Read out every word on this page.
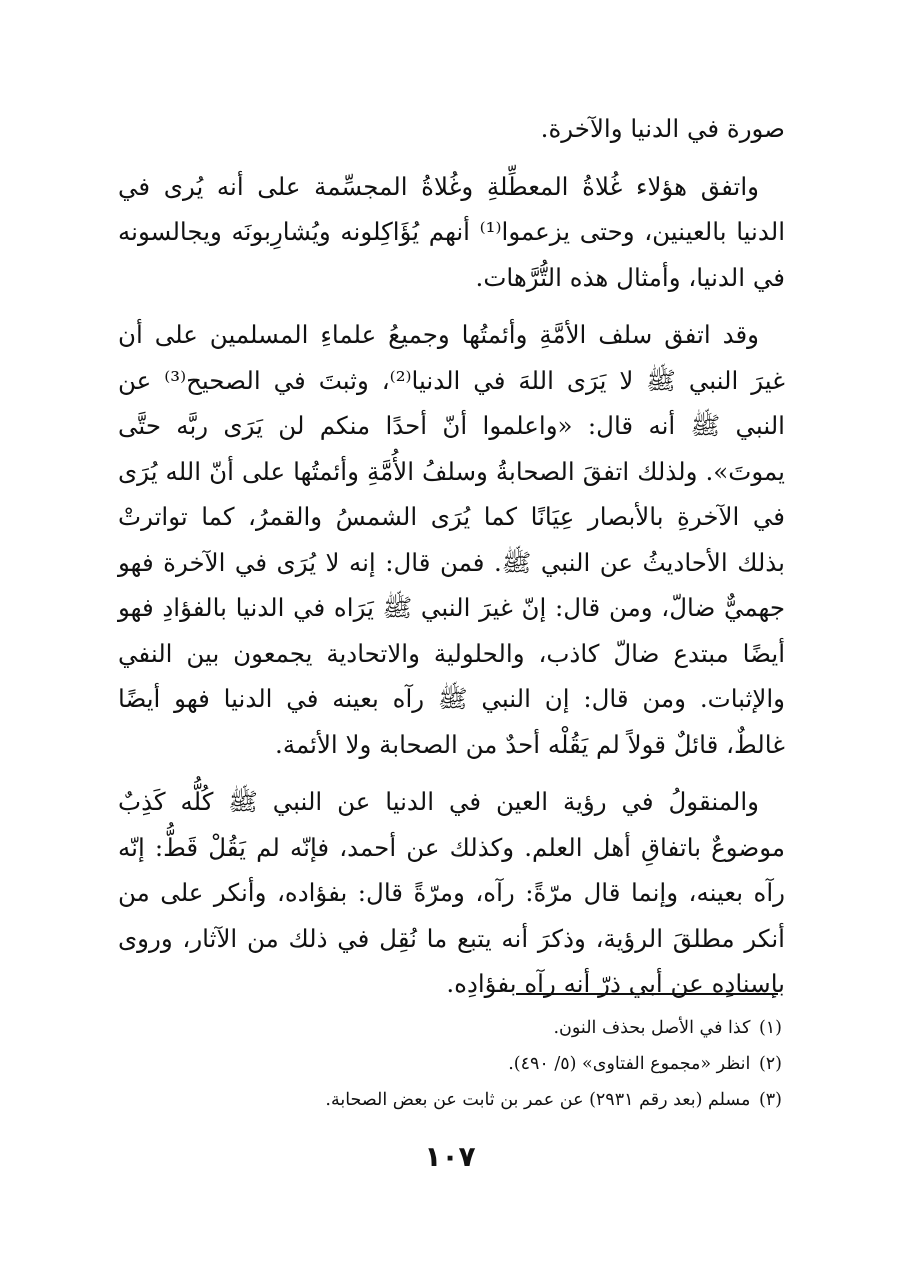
صورة في الدنيا والآخرة.

واتفق هؤلاء غُلاةُ المعطِّلةِ وغُلاةُ المجسِّمة على أنه يُرى في الدنيا بالعينين، وحتى يزعموا⁽¹⁾ أنهم يُؤَاكِلونه ويُشارِبونَه ويجالسونه في الدنيا، وأمثال هذه التُّرَّهات.

وقد اتفق سلف الأمَّةِ وأئمتُها وجميعُ علماءِ المسلمين على أن غيرَ النبي ﷺ لا يَرَى اللهَ في الدنيا⁽²⁾، وثبتَ في الصحيح⁽³⁾ عن النبي ﷺ أنه قال: «واعلموا أنّ أحدًا منكم لن يَرَى ربَّه حتَّى يموتَ». ولذلك اتفقَ الصحابةُ وسلفُ الأُمَّةِ وأئمتُها على أنّ الله يُرَى في الآخرةِ بالأبصار عِيَانًا كما يُرَى الشمسُ والقمرُ، كما تواترتْ بذلك الأحاديثُ عن النبي ﷺ. فمن قال: إنه لا يُرَى في الآخرة فهو جهميٌّ ضالّ، ومن قال: إنّ غيرَ النبي ﷺ يَرَاه في الدنيا بالفؤادِ فهو أيضًا مبتدع ضالّ كاذب، والحلولية والاتحادية يجمعون بين النفي والإثبات. ومن قال: إن النبي ﷺ رآه بعينه في الدنيا فهو أيضًا غالطٌ، قائلٌ قولاً لم يَقُلْه أحدٌ من الصحابة ولا الأئمة.

والمنقولُ في رؤية العين في الدنيا عن النبي ﷺ كُلُّه كَذِبٌ موضوعٌ باتفاقِ أهل العلم. وكذلك عن أحمد، فإنّه لم يَقُلْ قَطُّ: إنّه رآه بعينه، وإنما قال مرّةً: رآه، ومرّةً قال: بفؤاده، وأنكر على من أنكر مطلقَ الرؤية، وذكرَ أنه يتبع ما نُقِل في ذلك من الآثار، وروى بإسنادِه عن أبي ذرّ أنه رآه بفؤادِه.

(١) كذا في الأصل بحذف النون.

(٢) انظر «مجموع الفتاوى» (٥/ ٤٩٠).

(٣) مسلم (بعد رقم ٢٩٣١) عن عمر بن ثابت عن بعض الصحابة.

١٠٧
